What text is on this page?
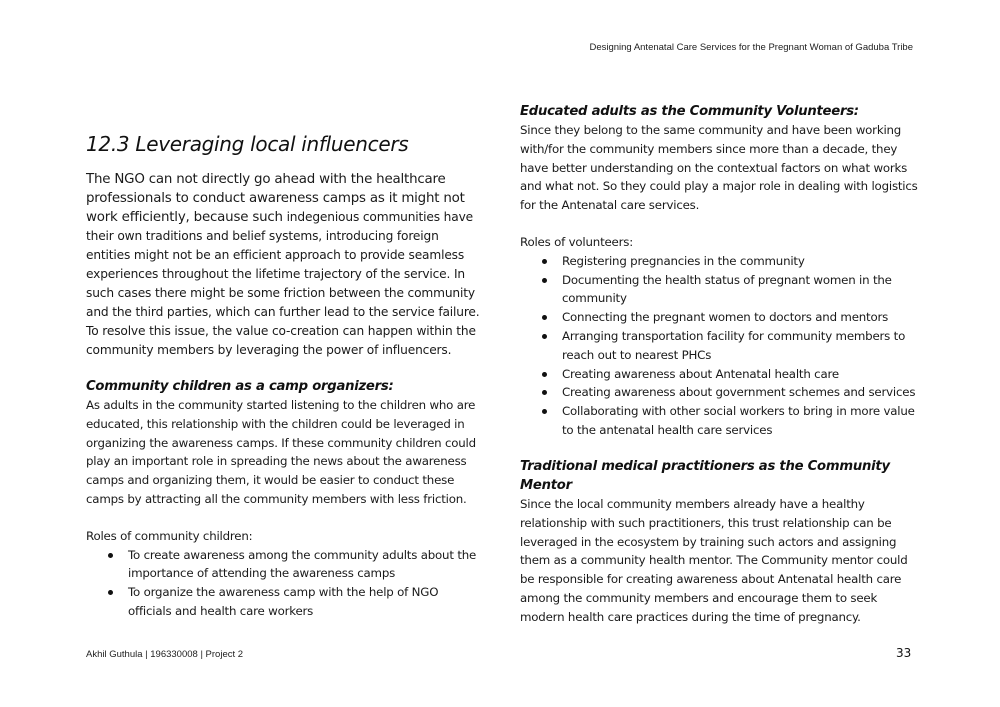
Designing Antenatal Care Services for the Pregnant Woman of Gaduba Tribe
12.3 Leveraging local influencers

The NGO can not directly go ahead with the healthcare professionals to conduct awareness camps as it might not work efficiently, because such indegenious communities have their own traditions and belief systems, introducing foreign entities might not be an efficient approach to provide seamless experiences throughout the lifetime trajectory of the service. In such cases there might be some friction between the community and the third parties, which can further lead to the service failure. To resolve this issue, the value co-creation can happen within the community members by leveraging the power of influencers.

Community children as a camp organizers:

As adults in the community started listening to the children who are educated, this relationship with the children could be leveraged in organizing the awareness camps. If these community children could play an important role in spreading the news about the awareness camps and organizing them, it would be easier to conduct these camps by attracting all the community members with less friction.

Roles of community children:

To create awareness among the community adults about the importance of attending the awareness camps
To organize the awareness camp with the help of NGO officials and health care workers
Educated adults as the Community Volunteers:

Since they belong to the same community and have been working with/for the community members since more than a decade, they have better understanding on the contextual factors on what works and what not. So they could play a major role in dealing with logistics for the Antenatal care services.

Roles of volunteers:

Registering pregnancies in the community
Documenting the health status of pregnant women in the community
Connecting the pregnant women to doctors and mentors
Arranging transportation facility for community members to reach out to nearest PHCs
Creating awareness about Antenatal health care
Creating awareness about government schemes and services
Collaborating with other social workers to bring in more value to the antenatal health care services
Traditional medical practitioners as the Community Mentor

Since the local community members already have a healthy relationship with such practitioners, this trust relationship can be leveraged in the ecosystem by training such actors and assigning them as a community health mentor. The Community mentor could be responsible for creating awareness about Antenatal health care among the community members and encourage them to seek modern health care practices during the time of pregnancy.

Akhil Guthula | 196330008 | Project 2	33
